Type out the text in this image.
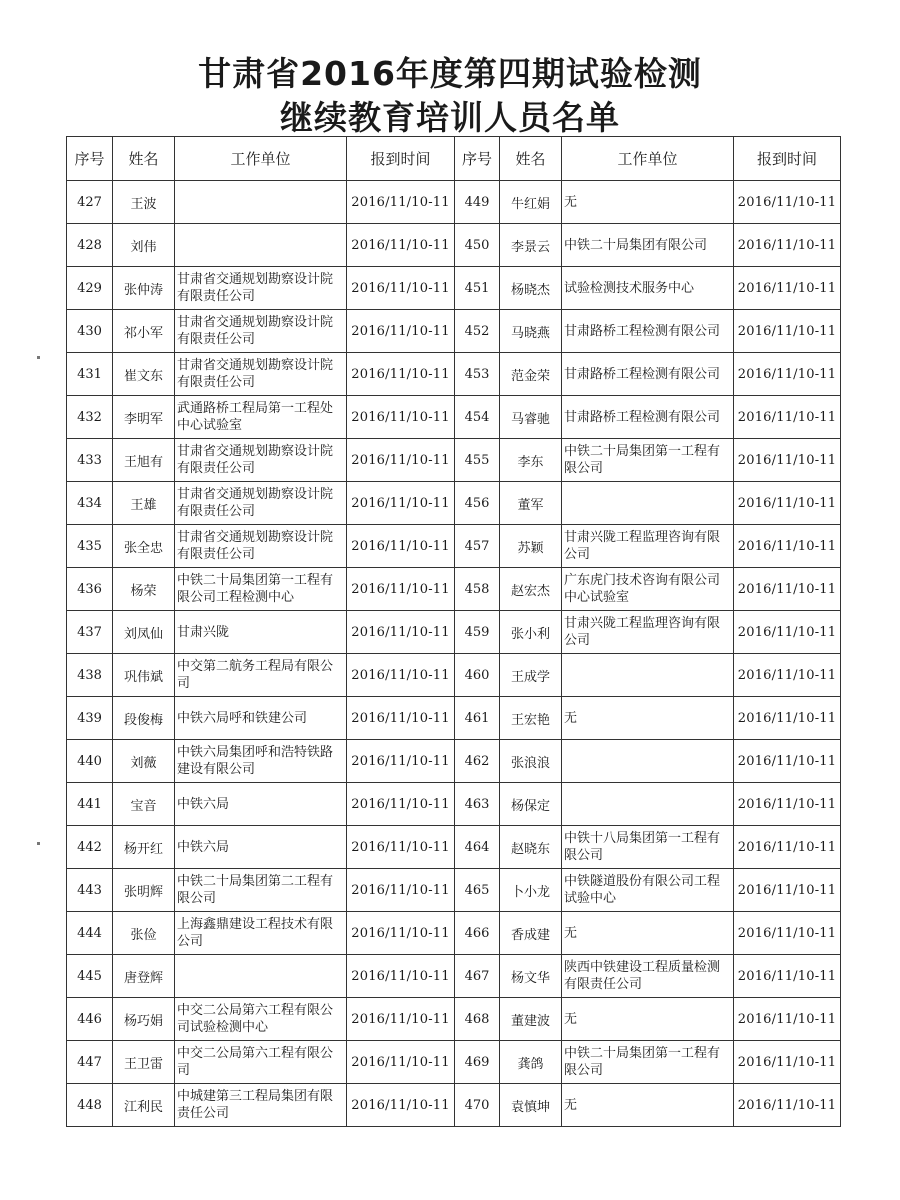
甘肃省2016年度第四期试验检测
继续教育培训人员名单
序号	姓名	工作单位	报到时间	序号	姓名	工作单位	报到时间
427	王波		2016/11/10-11	449	牛红娟	无	2016/11/10-11
428	刘伟		2016/11/10-11	450	李景云	中铁二十局集团有限公司	2016/11/10-11
429	张仲涛	甘肃省交通规划勘察设计院有限责任公司	2016/11/10-11	451	杨晓杰	试验检测技术服务中心	2016/11/10-11
430	祁小军	甘肃省交通规划勘察设计院有限责任公司	2016/11/10-11	452	马晓燕	甘肃路桥工程检测有限公司	2016/11/10-11
431	崔文东	甘肃省交通规划勘察设计院有限责任公司	2016/11/10-11	453	范金荣	甘肃路桥工程检测有限公司	2016/11/10-11
432	李明军	武通路桥工程局第一工程处中心试验室	2016/11/10-11	454	马睿驰	甘肃路桥工程检测有限公司	2016/11/10-11
433	王旭有	甘肃省交通规划勘察设计院有限责任公司	2016/11/10-11	455	李东	中铁二十局集团第一工程有限公司	2016/11/10-11
434	王雄	甘肃省交通规划勘察设计院有限责任公司	2016/11/10-11	456	董军		2016/11/10-11
435	张全忠	甘肃省交通规划勘察设计院有限责任公司	2016/11/10-11	457	苏颖	甘肃兴陇工程监理咨询有限公司	2016/11/10-11
436	杨荣	中铁二十局集团第一工程有限公司工程检测中心	2016/11/10-11	458	赵宏杰	广东虎门技术咨询有限公司中心试验室	2016/11/10-11
437	刘凤仙	甘肃兴陇	2016/11/10-11	459	张小利	甘肃兴陇工程监理咨询有限公司	2016/11/10-11
438	巩伟斌	中交第二航务工程局有限公司	2016/11/10-11	460	王成学		2016/11/10-11
439	段俊梅	中铁六局呼和铁建公司	2016/11/10-11	461	王宏艳	无	2016/11/10-11
440	刘薇	中铁六局集团呼和浩特铁路建设有限公司	2016/11/10-11	462	张浪浪		2016/11/10-11
441	宝音	中铁六局	2016/11/10-11	463	杨保定		2016/11/10-11
442	杨开红	中铁六局	2016/11/10-11	464	赵晓东	中铁十八局集团第一工程有限公司	2016/11/10-11
443	张明辉	中铁二十局集团第二工程有限公司	2016/11/10-11	465	卜小龙	中铁隧道股份有限公司工程试验中心	2016/11/10-11
444	张俭	上海鑫鼎建设工程技术有限公司	2016/11/10-11	466	香成建	无	2016/11/10-11
445	唐登辉		2016/11/10-11	467	杨文华	陕西中铁建设工程质量检测有限责任公司	2016/11/10-11
446	杨巧娟	中交二公局第六工程有限公司试验检测中心	2016/11/10-11	468	董建波	无	2016/11/10-11
447	王卫雷	中交二公局第六工程有限公司	2016/11/10-11	469	龚鸽	中铁二十局集团第一工程有限公司	2016/11/10-11
448	江利民	中城建第三工程局集团有限责任公司	2016/11/10-11	470	袁慎坤	无	2016/11/10-11
